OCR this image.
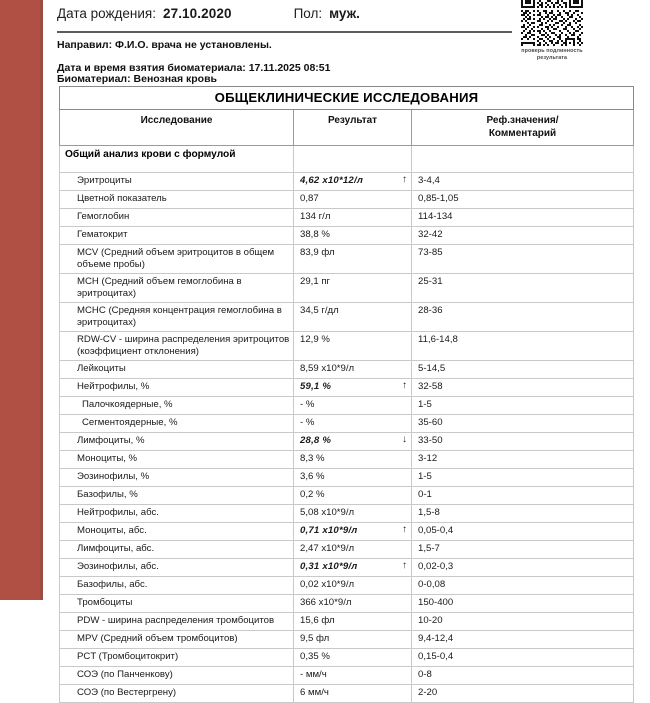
Дата рождения: 27.10.2020	Пол: муж.
Направил: Ф.И.О. врача не установлены.
Дата и время взятия биоматериала: 17.11.2025 08:51
Биоматериал: Венозная кровь
проверь подлинность
результата
ОБЩЕКЛИНИЧЕСКИЕ ИССЛЕДОВАНИЯ		
Исследование	Результат	Реф.значения/
Комментарий
Общий анализ крови с формулой		
Эритроциты	4,62 x10*12/л ↑	3-4,4
Цветной показатель	0,87	0,85-1,05
Гемоглобин	134 г/л	114-134
Гематокрит	38,8 %	32-42
MCV (Средний объем эритроцитов в общем объеме пробы)	83,9 фл	73-85
MCH (Средний объем гемоглобина в эритроцитах)	29,1 пг	25-31
MCHC (Средняя концентрация гемоглобина в эритроцитах)	34,5 г/дл	28-36
RDW-CV - ширина распределения эритроцитов (коэффициент отклонения)	12,9 %	11,6-14,8
Лейкоциты	8,59 x10*9/л	5-14,5
Нейтрофилы, %	59,1 % ↑	32-58
Палочкоядерные, %	- %	1-5
Сегментоядерные, %	- %	35-60
Лимфоциты, %	28,8 % ↓	33-50
Моноциты, %	8,3 %	3-12
Эозинофилы, %	3,6 %	1-5
Базофилы, %	0,2 %	0-1
Нейтрофилы, абс.	5,08 x10*9/л	1,5-8
Моноциты, абс.	0,71 x10*9/л ↑	0,05-0,4
Лимфоциты, абс.	2,47 x10*9/л	1,5-7
Эозинофилы, абс.	0,31 x10*9/л ↑	0,02-0,3
Базофилы, абс.	0,02 x10*9/л	0-0,08
Тромбоциты	366 x10*9/л	150-400
PDW - ширина распределения тромбоцитов	15,6 фл	10-20
MPV (Средний объем тромбоцитов)	9,5 фл	9,4-12,4
PCT (Тромбоцитокрит)	0,35 %	0,15-0,4
СОЭ (по Панченкову)	- мм/ч	0-8
СОЭ (по Вестергрену)	6 мм/ч	2-20
